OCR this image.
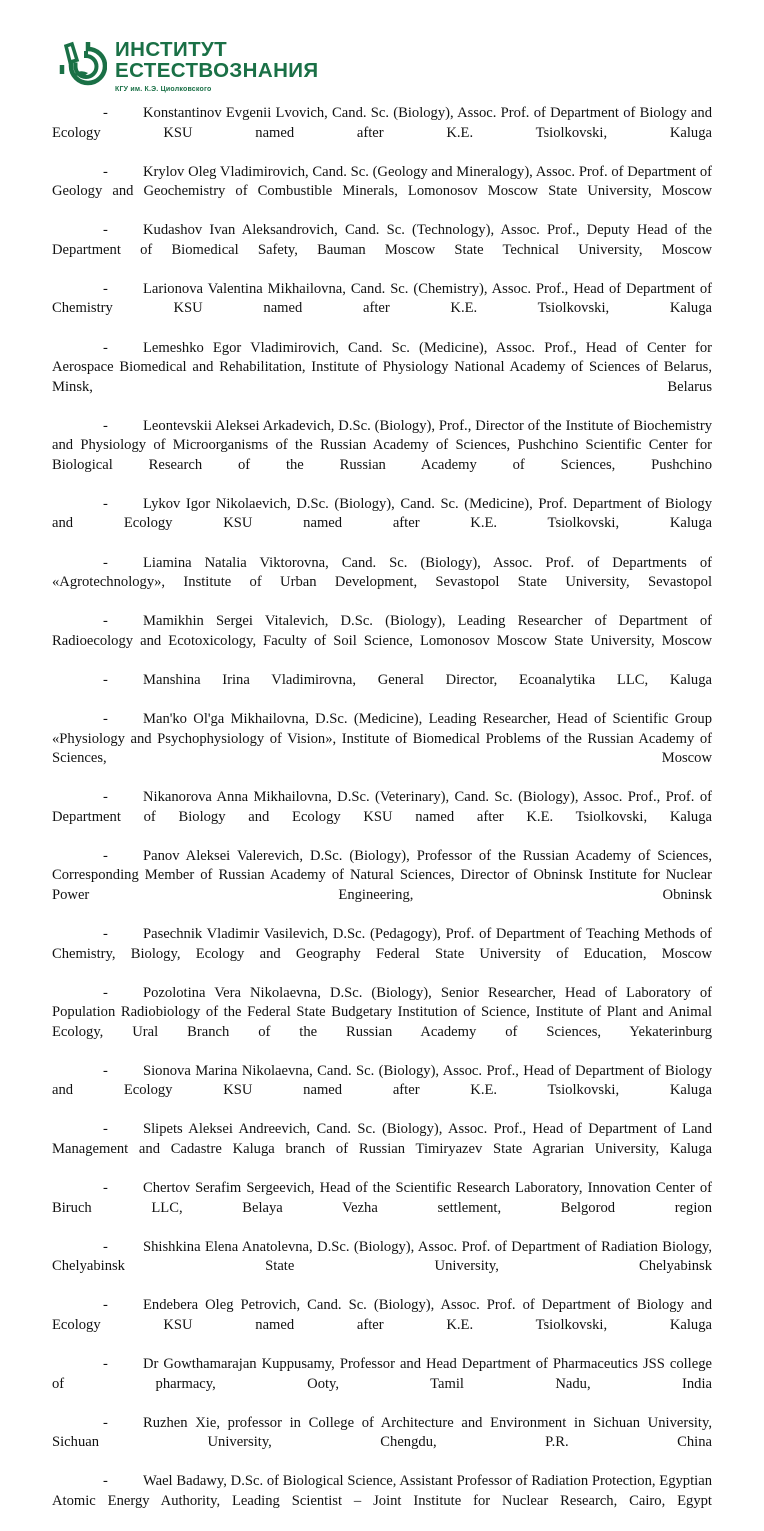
ИНСТИТУТ
ЕСТЕСТВОЗНАНИЯ
КГУ им. К.Э. Циолковского

- Konstantinov Evgenii Lvovich, Cand. Sc. (Biology), Assoc. Prof. of Department of Biology and Ecology KSU named after K.E. Tsiolkovski, Kaluga

- Krylov Oleg Vladimirovich, Cand. Sc. (Geology and Mineralogy), Assoc. Prof. of Department of Geology and Geochemistry of Combustible Minerals, Lomonosov Moscow State University, Moscow

- Kudashov Ivan Aleksandrovich, Cand. Sc. (Technology), Assoc. Prof., Deputy Head of the Department of Biomedical Safety, Bauman Moscow State Technical University, Moscow

- Larionova Valentina Mikhailovna, Cand. Sc. (Chemistry), Assoc. Prof., Head of Department of Chemistry KSU named after K.E. Tsiolkovski, Kaluga

- Lemeshko Egor Vladimirovich, Cand. Sc. (Medicine), Assoc. Prof., Head of Center for Aerospace Biomedical and Rehabilitation, Institute of Physiology National Academy of Sciences of Belarus, Minsk, Belarus

- Leontevskii Aleksei Arkadevich, D.Sc. (Biology), Prof., Director of the Institute of Biochemistry and Physiology of Microorganisms of the Russian Academy of Sciences, Pushchino Scientific Center for Biological Research of the Russian Academy of Sciences, Pushchino

- Lykov Igor Nikolaevich, D.Sc. (Biology), Cand. Sc. (Medicine), Prof. Department of Biology and Ecology KSU named after K.E. Tsiolkovski, Kaluga

- Liamina Natalia Viktorovna, Cand. Sc. (Biology), Assoc. Prof. of Departments of «Agrotechnology», Institute of Urban Development, Sevastopol State University, Sevastopol

- Mamikhin Sergei Vitalevich, D.Sc. (Biology), Leading Researcher of Department of Radioecology and Ecotoxicology, Faculty of Soil Science, Lomonosov Moscow State University, Moscow

- Manshina Irina Vladimirovna, General Director, Ecoanalytika LLC, Kaluga

- Man'ko Ol'ga Mikhailovna, D.Sc. (Medicine), Leading Researcher, Head of Scientific Group «Physiology and Psychophysiology of Vision», Institute of Biomedical Problems of the Russian Academy of Sciences, Moscow

- Nikanorova Anna Mikhailovna, D.Sc. (Veterinary), Cand. Sc. (Biology), Assoc. Prof., Prof. of Department of Biology and Ecology KSU named after K.E. Tsiolkovski, Kaluga

- Panov Aleksei Valerevich, D.Sc. (Biology), Professor of the Russian Academy of Sciences, Corresponding Member of Russian Academy of Natural Sciences, Director of Obninsk Institute for Nuclear Power Engineering, Obninsk

- Pasechnik Vladimir Vasilevich, D.Sc. (Pedagogy), Prof. of Department of Teaching Methods of Chemistry, Biology, Ecology and Geography Federal State University of Education, Moscow

- Pozolotina Vera Nikolaevna, D.Sc. (Biology), Senior Researcher, Head of Laboratory of Population Radiobiology of the Federal State Budgetary Institution of Science, Institute of Plant and Animal Ecology, Ural Branch of the Russian Academy of Sciences, Yekaterinburg

- Sionova Marina Nikolaevna, Cand. Sc. (Biology), Assoc. Prof., Head of Department of Biology and Ecology KSU named after K.E. Tsiolkovski, Kaluga

- Slipets Aleksei Andreevich, Cand. Sc. (Biology), Assoc. Prof., Head of Department of Land Management and Cadastre Kaluga branch of Russian Timiryazev State Agrarian University, Kaluga

- Chertov Serafim Sergeevich, Head of the Scientific Research Laboratory, Innovation Center of Biruch LLC, Belaya Vezha settlement, Belgorod region

- Shishkina Elena Anatolevna, D.Sc. (Biology), Assoc. Prof. of Department of Radiation Biology, Chelyabinsk State University, Chelyabinsk

- Endebera Oleg Petrovich, Cand. Sc. (Biology), Assoc. Prof. of Department of Biology and Ecology KSU named after K.E. Tsiolkovski, Kaluga

- Dr Gowthamarajan Kuppusamy, Professor and Head Department of Pharmaceutics JSS college of pharmacy, Ooty, Tamil Nadu, India

- Ruzhen Xie, professor in College of Architecture and Environment in Sichuan University, Sichuan University, Chengdu, P.R. China

- Wael Badawy, D.Sc. of Biological Science, Assistant Professor of Radiation Protection, Egyptian Atomic Energy Authority, Leading Scientist – Joint Institute for Nuclear Research, Cairo, Egypt
